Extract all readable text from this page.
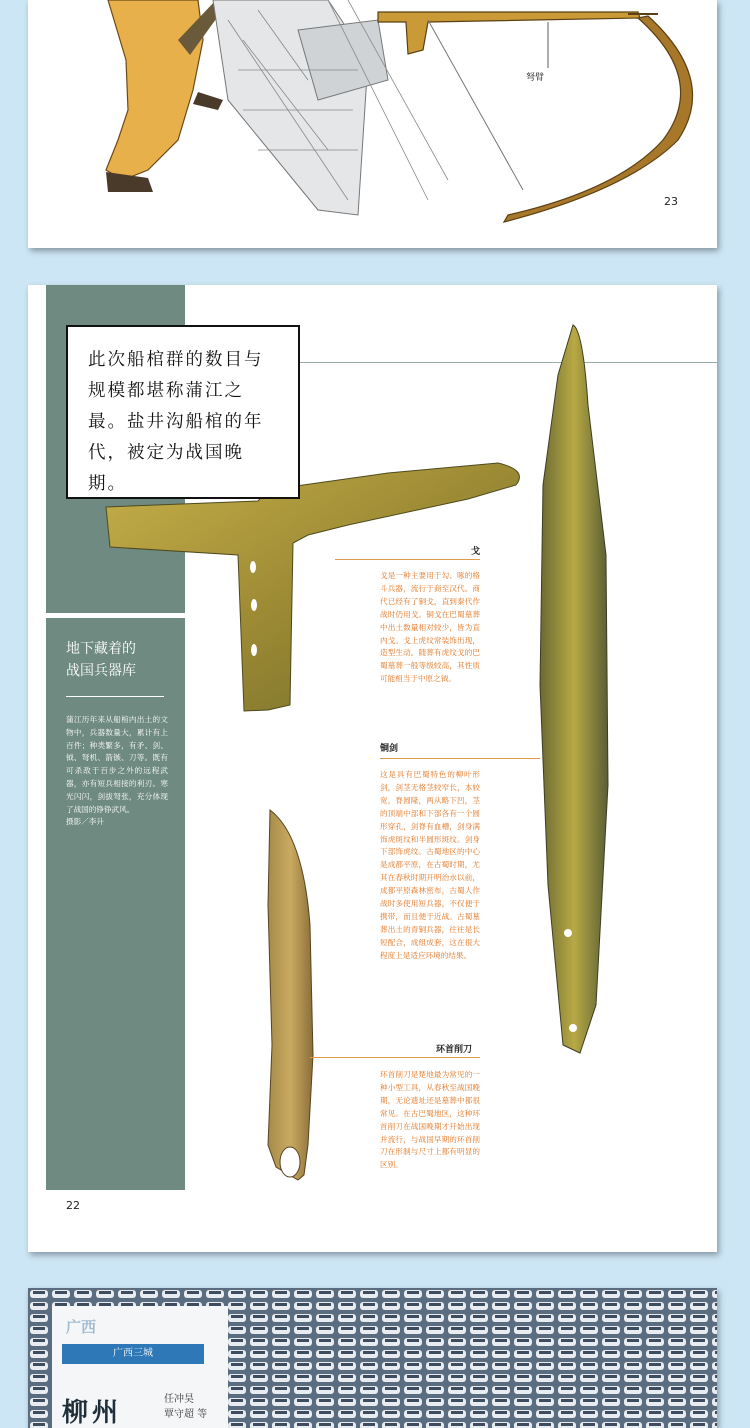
弩臂
23
地下藏着的
战国兵器库
蒲江历年来从船棺内出土的文物中，兵器数量大，累计有上百件；种类繁多，有矛、剑、钺、弩机、箭镞、刀等。既有可杀敌于百步之外的远程武器，亦有短兵相接的利刃。寒光闪闪，剑拔弩张，充分体现了战国的铮铮武风。
摄影／李升
此次船棺群的数目与规模都堪称蒲江之最。盐井沟船棺的年代，被定为战国晚期。
戈
戈是一种主要用于勾、啄的格斗兵器，流行于商至汉代。商代已经有了铜戈，直到秦代作战时仍用戈。铜戈在巴蜀墓葬中出土数量相对较少，皆为直内戈。戈上虎纹常装饰出现，造型生动。随葬有虎纹戈的巴蜀墓葬一般等级较高，其性质可能相当于中原之钺。
铜剑
这是具有巴蜀特色的柳叶形剑，剑茎无格茎较窄长，本较宽，脊圆隆，两从略下凹，茎的顶端中部和下部各有一个圆形穿孔，剑脊有血槽，剑身满饰虎斑纹和半圆形斑纹。剑身下部饰虎纹。古蜀地区的中心是成都平原，在古蜀时期，尤其在春秋时期开明治水以前，成都平原森林密布，古蜀人作战时多使用短兵器，不仅便于携带，而且便于近战。古蜀墓葬出土的青铜兵器，往往是长短配合，成组成套，这在很大程度上是适应环境的结果。
环首削刀
环首削刀是楚地最为常见的一种小型工具，从春秋至战国晚期，无论遗址还是墓葬中都很常见。在古巴蜀地区，这种环首削刀在战国晚期才开始出现并流行，与战国早期的环首削刀在形制与尺寸上都有明显的区别。
22
广西
广西三城
柳州	任冲昊
覃守超 等
